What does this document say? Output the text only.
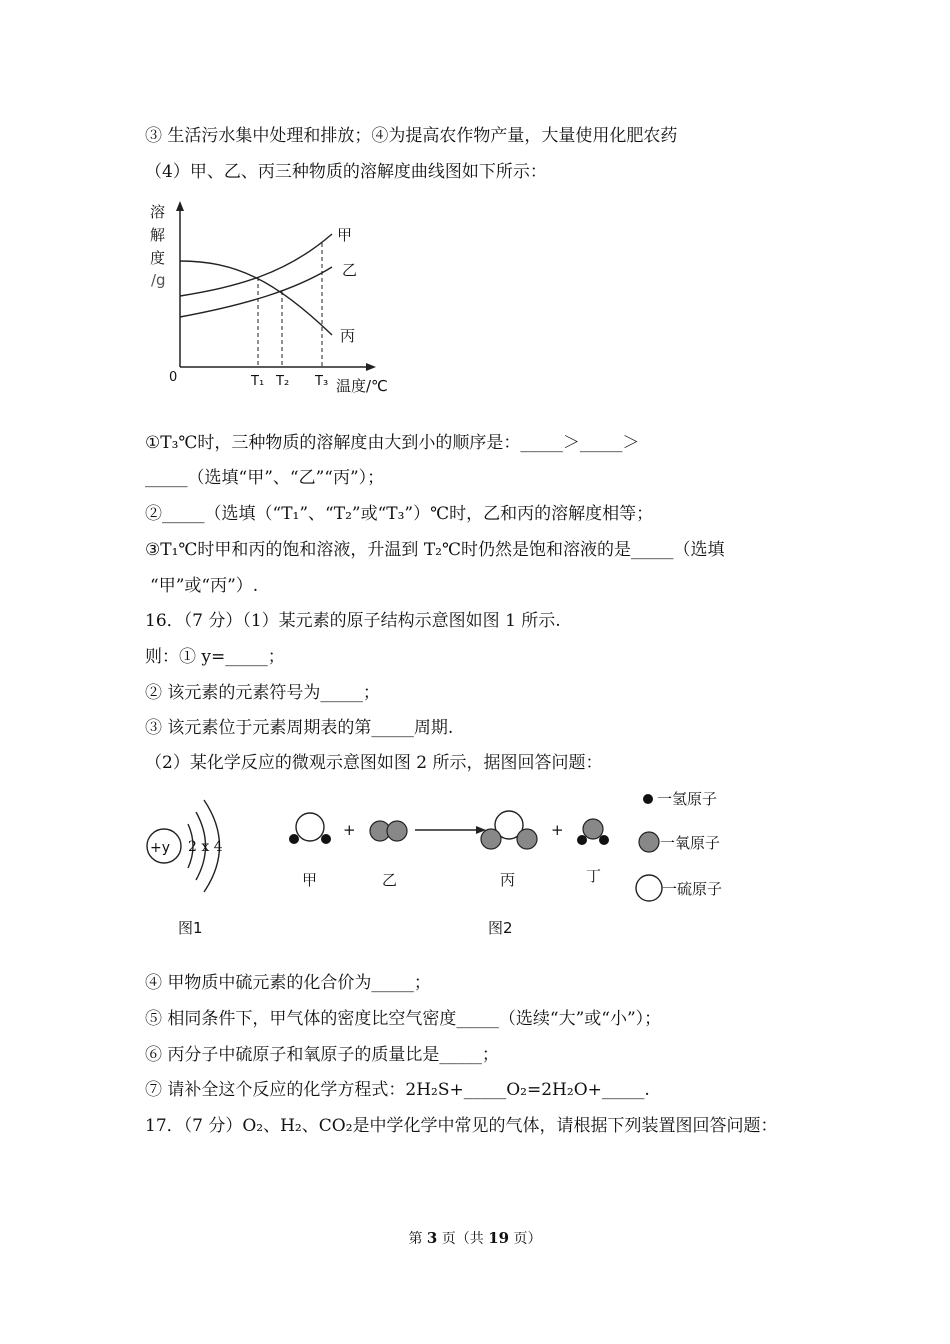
③ 生活污水集中处理和排放；④为提高农作物产量，大量使用化肥农药
（4）甲、乙、丙三种物质的溶解度曲线图如下所示：
溶
解
度
/g
0	T₁ T₂ T₃ 温度/℃
甲
乙
丙
①T₃℃时，三种物质的溶解度由大到小的顺序是：_____＞_____＞
_____（选填“甲”、“乙”“丙”）；
②_____（选填（“T₁”、“T₂”或“T₃”）℃时，乙和丙的溶解度相等；
③T₁℃时甲和丙的饱和溶液，升温到 T₂℃时仍然是饱和溶液的是_____（选填
“甲”或“丙”）.
16．（7 分）（1）某元素的原子结构示意图如图 1 所示.
则：① y=_____；
② 该元素的元素符号为_____；
③ 该元素位于元素周期表的第_____周期.
（2）某化学反应的微观示意图如图 2 所示，据图回答问题：
+y 2 x 4
图1
+	+
甲	乙	丙	丁
图2
一氢原子
一氧原子
一硫原子
④ 甲物质中硫元素的化合价为_____；
⑤ 相同条件下，甲气体的密度比空气密度_____（选续“大”或“小”）；
⑥ 丙分子中硫原子和氧原子的质量比是_____；
⑦ 请补全这个反应的化学方程式：2H₂S+_____O₂=2H₂O+_____.
17．（7 分）O₂、H₂、CO₂是中学化学中常见的气体，请根据下列装置图回答问题：
第 3 页（共 19 页）
